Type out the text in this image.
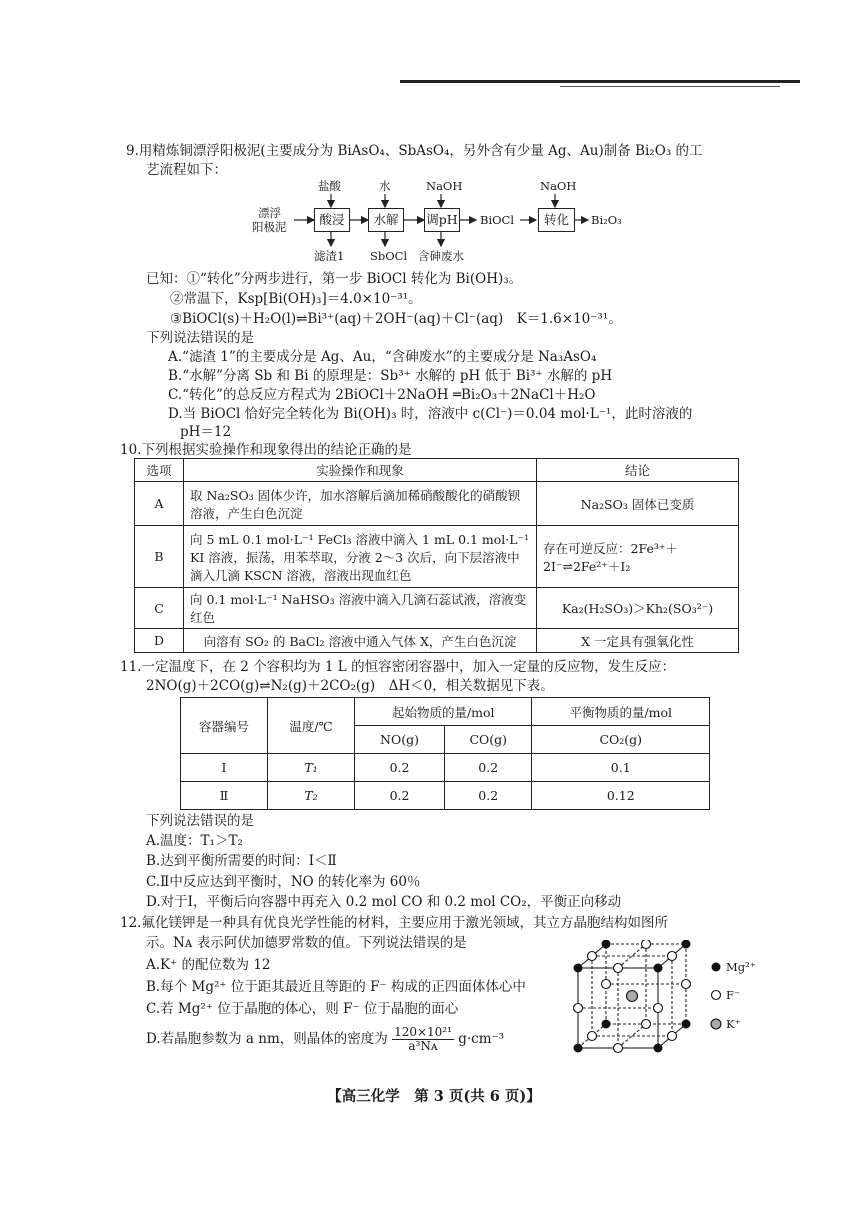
9.用精炼铜漂浮阳极泥(主要成分为 BiAsO₄、SbAsO₄，另外含有少量 Ag、Au)制备 Bi₂O₃ 的工
艺流程如下：
盐酸	水	NaOH	NaOH
漂浮
阳极泥	酸浸	水解	调pH BiOCl	转化	Bi₂O₃
滤渣1 SbOCl 含砷废水
已知：①“转化”分两步进行，第一步 BiOCl 转化为 Bi(OH)₃。
②常温下，Ksp[Bi(OH)₃]＝4.0×10⁻³¹。
③BiOCl(s)＋H₂O(l)⇌Bi³⁺(aq)＋2OH⁻(aq)＋Cl⁻(aq)　K＝1.6×10⁻³¹。
下列说法错误的是
A.“滤渣 1”的主要成分是 Ag、Au，“含砷废水”的主要成分是 Na₃AsO₄
B.“水解”分离 Sb 和 Bi 的原理是：Sb³⁺ 水解的 pH 低于 Bi³⁺ 水解的 pH
C.“转化”的总反应方程式为 2BiOCl＋2NaOH ═Bi₂O₃＋2NaCl＋H₂O
D.当 BiOCl 恰好完全转化为 Bi(OH)₃ 时，溶液中 c(Cl⁻)＝0.04 mol·L⁻¹，此时溶液的
pH＝12
10.下列根据实验操作和现象得出的结论正确的是
选项	实验操作和现象	结论
A	取 Na₂SO₃ 固体少许，加水溶解后滴加稀硝酸酸化的硝酸钡溶液，产生白色沉淀	Na₂SO₃ 固体已变质
B	向 5 mL 0.1 mol·L⁻¹ FeCl₃ 溶液中滴入 1 mL 0.1 mol·L⁻¹ KI 溶液，振荡，用苯萃取，分液 2～3 次后，向下层溶液中滴入几滴 KSCN 溶液，溶液出现血红色	存在可逆反应：2Fe³⁺＋2I⁻⇌2Fe²⁺＋I₂
C	向 0.1 mol·L⁻¹ NaHSO₃ 溶液中滴入几滴石蕊试液，溶液变红色	Ka₂(H₂SO₃)＞Kh₂(SO₃²⁻)
D	向溶有 SO₂ 的 BaCl₂ 溶液中通入气体 X，产生白色沉淀	X 一定具有强氧化性
11.一定温度下，在 2 个容积均为 1 L 的恒容密闭容器中，加入一定量的反应物，发生反应：
2NO(g)＋2CO(g)⇌N₂(g)＋2CO₂(g)　ΔH＜0，相关数据见下表。
容器编号	温度/℃	起始物质的量/mol		平衡物质的量/mol
		NO(g)	CO(g)	CO₂(g)
Ⅰ	T₁	0.2	0.2	0.1
Ⅱ	T₂	0.2	0.2	0.12
下列说法错误的是
A.温度：T₁＞T₂
B.达到平衡所需要的时间：Ⅰ＜Ⅱ
C.Ⅱ中反应达到平衡时，NO 的转化率为 60％
D.对于Ⅰ，平衡后向容器中再充入 0.2 mol CO 和 0.2 mol CO₂，平衡正向移动
12.氟化镁钾是一种具有优良光学性能的材料，主要应用于激光领域，其立方晶胞结构如图所
示。Nᴀ 表示阿伏加德罗常数的值。下列说法错误的是
A.K⁺ 的配位数为 12
B.每个 Mg²⁺ 位于距其最近且等距的 F⁻ 构成的正四面体体心中
C.若 Mg²⁺ 位于晶胞的体心，则 F⁻ 位于晶胞的面心
D.若晶胞参数为 a nm，则晶体的密度为 $\frac{\text{120×10²¹}}{\text{a³Nᴀ}} g\cdot cm^{-3}$
Mg²⁺
F⁻
K⁺
【高三化学　第 3 页(共 6 页)】
